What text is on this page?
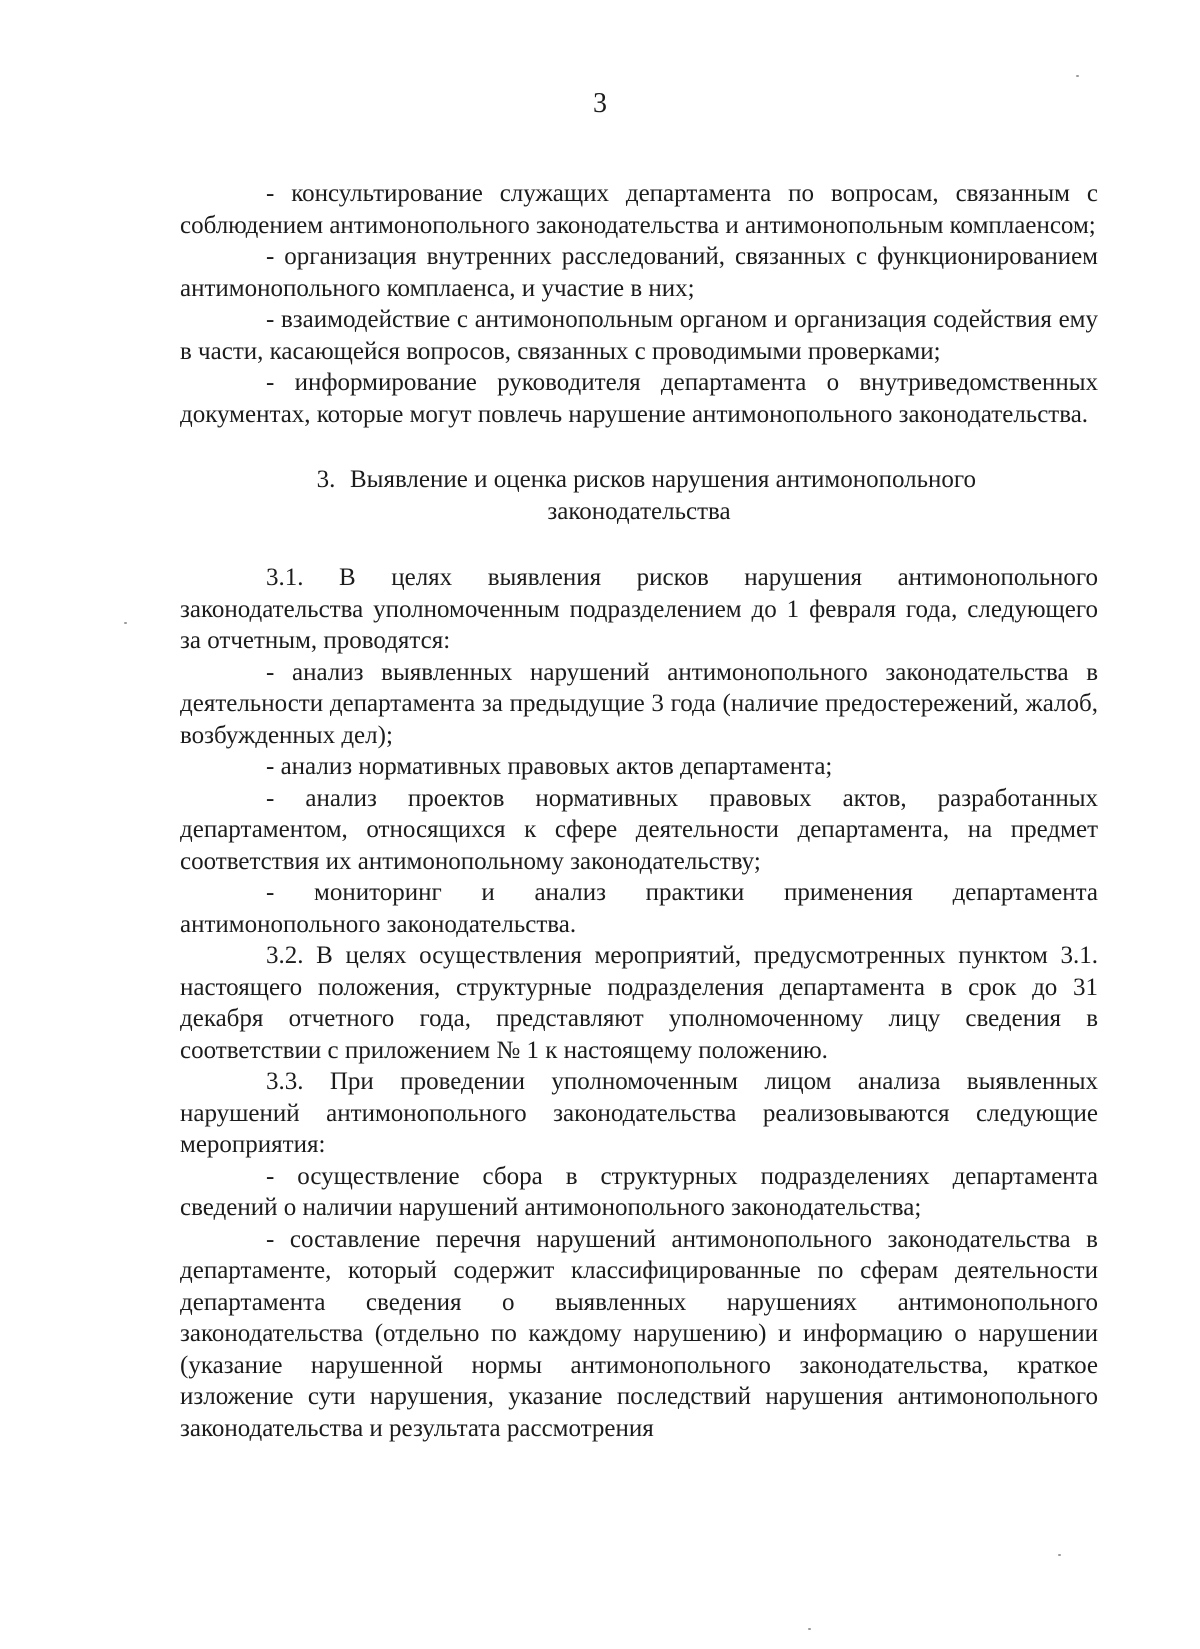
3

- консультирование служащих департамента по вопросам, связанным с соблюдением антимонопольного законодательства и антимонопольным комплаенсом;

- организация внутренних расследований, связанных с функционированием антимонопольного комплаенса, и участие в них;

- взаимодействие с антимонопольным органом и организация содействия ему в части, касающейся вопросов, связанных с проводимыми проверками;

- информирование руководителя департамента о внутриведомственных документах, которые могут повлечь нарушение антимонопольного законодательства.

3. Выявление и оценка рисков нарушения антимонопольного законодательства

3.1. В целях выявления рисков нарушения антимонопольного законодательства уполномоченным подразделением до 1 февраля года, следующего за отчетным, проводятся:

- анализ выявленных нарушений антимонопольного законодательства в деятельности департамента за предыдущие 3 года (наличие предостережений, жалоб, возбужденных дел);

- анализ нормативных правовых актов департамента;

- анализ проектов нормативных правовых актов, разработанных департаментом, относящихся к сфере деятельности департамента, на предмет соответствия их антимонопольному законодательству;

- мониторинг и анализ практики применения департамента антимонопольного законодательства.

3.2. В целях осуществления мероприятий, предусмотренных пунктом 3.1. настоящего положения, структурные подразделения департамента в срок до 31 декабря отчетного года, представляют уполномоченному лицу сведения в соответствии с приложением № 1 к настоящему положению.

3.3. При проведении уполномоченным лицом анализа выявленных нарушений антимонопольного законодательства реализовываются следующие мероприятия:

- осуществление сбора в структурных подразделениях департамента сведений о наличии нарушений антимонопольного законодательства;

- составление перечня нарушений антимонопольного законодательства в департаменте, который содержит классифицированные по сферам деятельности департамента сведения о выявленных нарушениях антимонопольного законодательства (отдельно по каждому нарушению) и информацию о нарушении (указание нарушенной нормы антимонопольного законодательства, краткое изложение сути нарушения, указание последствий нарушения антимонопольного законодательства и результата рассмотрения
